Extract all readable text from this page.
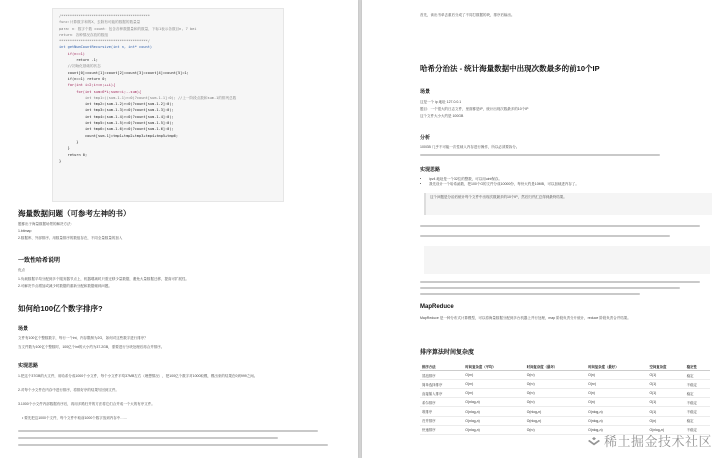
/*****************************************
func:计算数字和的X，去除有可能的数据的数量量
para: n：数字个数 count：包含各种数据量和的数量，下标1表示各数目n, 7 bei
return：各种情况存放的数组
*****************************************/
int getNumCountRecursive(int n, int* count)
if(n==1)
return -1;
//初始化基础的状态
count[0]=count[1]=count[2]=count[3]=count[4]=count[5]=1;
if(n==1) return 0;
for(int i=2;i<=n;++i){
for(int sum=6*i;sum>=i;--sum){
int tmp1=((sum-1-1)>=0)?count[sum-1-1]:0); //上一阶段点数和sum-1的排列总数
int tmp2=(sum-1-2)>=0)?count[sum-1-2]:0);
int tmp3=(sum-1-3)>=0)?count[sum-1-3]:0);
int tmp4=(sum-1-4)>=0)?count[sum-1-4]:0);
int tmp5=(sum-1-5)>=0)?count[sum-1-5]:0);
int tmp6=(sum-1-6)>=0)?count[sum-1-6]:0);
count[sum-1]=tmp1+tmp2+tmp3+tmp4+tmp5+tmp6;
}
}
return 0;
}
海量数据问题（可参考左神的书）
题都出于海量数据场景的解决方法：
1.bitmap
2.数据库、外部排序、用数量排序的数组存在，不同全量数量的加入
一致性哈希说明
优点
1.负载数据平均分配到多个服务器节点上，机器增减时只需迁移少量数据，避免大量数据迁移，提高可扩展性。
2.可解决节点增加或减少时数据的重新分配和数据倾斜问题。
如何给100亿个数字排序?
场景
文件有100亿个整数数字，每行一个int，内存限制为2G，如何对这些数字进行排序？
当文件数为100亿个整数时，100亿个int的大小约为37.2GB，需要进行分块处理后再合并排序。
实现思路
1.把这个37GB的大文件，用哈希分成1000个小文件，每个小文件平均37MB左右（理想情况），把100亿个数字对1000取模，模出来的结果在0到999之间。
2.对每个小文件在内存中进行排序，将排好序的结果写回到文件。
3.1000个小文件内部数据有序后，再用多路归并的方法将它们合并成一个大的有序文件。
• 要先把这1000个文件，每个文件中取前1000个数字放到内存中……
首先，读出书单去重后分成了不同打数据的块，排序后输出。
哈希分治法 - 统计海量数据中出现次数最多的前10个IP
场景
这是一个 ip 地址 127.0.0.1
题目：一个很大的日志文件，里面都是IP，统计出现次数最多的10个IP
这个文件大小大约是 100GB
分析
100GB 几乎不可能一次性载入内存进行操作，所以必须要拆分。
实现思路
• ipv4 地址是一个32位的整数，可以用uint保存。
• 我先设计一个哈希函数，把100个G的文件分成10000份，每份大约是10MB，可以加载进内存了。
这个问题是分治后统计每个文件中出现次数最多的10个IP，然后归并汇总得到最终结果。
MapReduce
MapReduce 是一种分布式计算模型，可以将海量数据分配到多台机器上并行处理，map 阶段负责分片统计，reduce 阶段负责合并结果。
排序算法时间复杂度
排序方法	时间复杂度（平均）	时间复杂度（最坏）	时间复杂度（最好）	空间复杂度	稳定性
冒泡排序	O(n²)	O(n²)	O(n)	O(1)	稳定
简单选择排序	O(n²)	O(n²)	O(n²)	O(1)	不稳定
直接插入排序	O(n²)	O(n²)	O(n)	O(1)	稳定
希尔排序	O(nlog₂n)	O(n²)	O(n)	O(1)	不稳定
堆排序	O(nlog₂n)	O(nlog₂n)	O(nlog₂n)	O(1)	不稳定
归并排序	O(nlog₂n)	O(nlog₂n)	O(nlog₂n)	O(n)	稳定
快速排序	O(nlog₂n)	O(n²)	O(nlog₂n)	O(nlog₂n)	不稳定
稀土掘金技术社区
